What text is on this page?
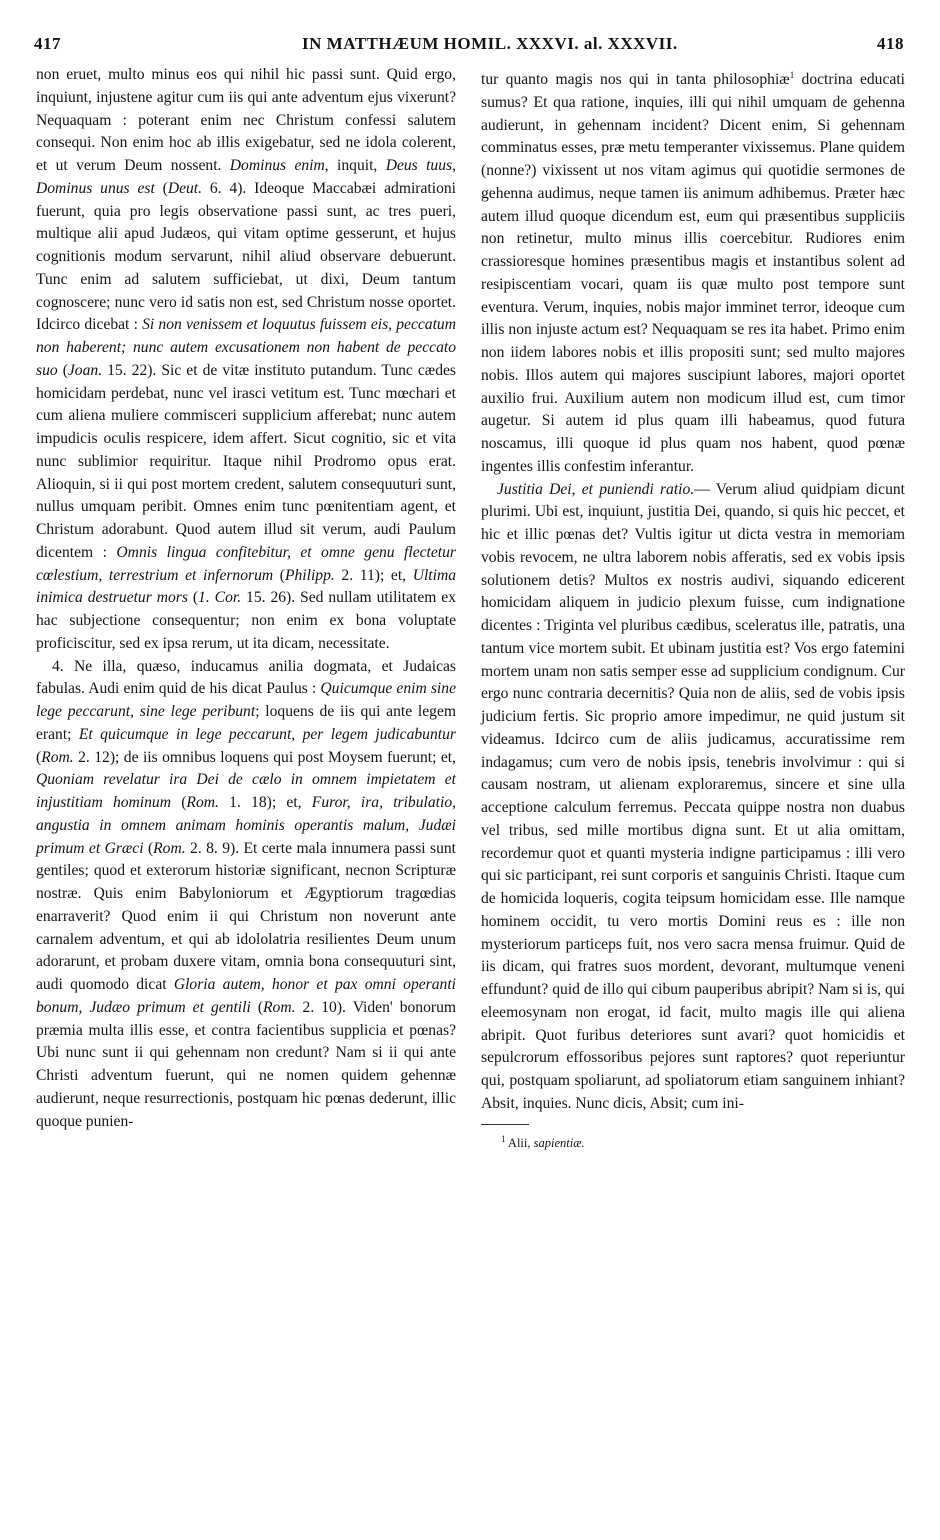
417	IN MATTHÆUM HOMIL. XXXVI. al. XXXVII.	418

non eruet, multo minus eos qui nihil hic passi sunt. Quid ergo, inquiunt, injustene agitur cum iis qui ante adventum ejus vixerunt? Nequaquam : poterant enim nec Christum confessi salutem consequi. Non enim hoc ab illis exigebatur, sed ne idola colerent, et ut verum Deum nossent. Dominus enim, inquit, Deus tuus, Dominus unus est (Deut. 6. 4). Ideoque Maccabæi admirationi fuerunt, quia pro legis observatione passi sunt, ac tres pueri, multique alii apud Judæos, qui vitam optime gesserunt, et hujus cognitionis modum servarunt, nihil aliud observare debuerunt. Tunc enim ad salutem sufficiebat, ut dixi, Deum tantum cognoscere; nunc vero id satis non est, sed Christum nosse oportet. Idcirco dicebat : Si non venissem et loquutus fuissem eis, peccatum non haberent; nunc autem excusationem non habent de peccato suo (Joan. 15. 22). Sic et de vitæ instituto putandum. Tunc cædes homicidam perdebat, nunc vel irasci vetitum est. Tunc mœchari et cum aliena muliere commisceri supplicium afferebat; nunc autem impudicis oculis respicere, idem affert. Sicut cognitio, sic et vita nunc sublimior requiritur. Itaque nihil Prodromo opus erat. Alioquin, si ii qui post mortem credent, salutem consequuturi sunt, nullus umquam peribit. Omnes enim tunc pœnitentiam agent, et Christum adorabunt. Quod autem illud sit verum, audi Paulum dicentem : Omnis lingua confitebitur, et omne genu flectetur cœlestium, terrestrium et infernorum (Philipp. 2. 11); et, Ultima inimica destruetur mors (1. Cor. 15. 26). Sed nullam utilitatem ex hac subjectione consequentur; non enim ex bona voluptate proficiscitur, sed ex ipsa rerum, ut ita dicam, necessitate.

4. Ne illa, quæso, inducamus anilia dogmata, et Judaicas fabulas. Audi enim quid de his dicat Paulus : Quicumque enim sine lege peccarunt, sine lege peribunt; loquens de iis qui ante legem erant; Et quicumque in lege peccarunt, per legem judicabuntur (Rom. 2. 12); de iis omnibus loquens qui post Moysem fuerunt; et, Quoniam revelatur ira Dei de cælo in omnem impietatem et injustitiam hominum (Rom. 1. 18); et, Furor, ira, tribulatio, angustia in omnem animam hominis operantis malum, Judæi primum et Græci (Rom. 2. 8. 9). Et certe mala innumera passi sunt gentiles; quod et exterorum historiæ significant, necnon Scripturæ nostræ. Quis enim Babyloniorum et Ægyptiorum tragœdias enarraverit? Quod enim ii qui Christum non noverunt ante carnalem adventum, et qui ab idololatria resilientes Deum unum adorarunt, et probam duxere vitam, omnia bona consequuturi sint, audi quomodo dicat Gloria autem, honor et pax omni operanti bonum, Judæo primum et gentili (Rom. 2. 10). Viden' bonorum præmia multa illis esse, et contra facientibus supplicia et pœnas? Ubi nunc sunt ii qui gehennam non credunt? Nam si ii qui ante Christi adventum fuerunt, qui ne nomen quidem gehennæ audierunt, neque resurrectionis, postquam hic pœnas dederunt, illic quoque punien-

tur quanto magis nos qui in tanta philosophiæ$^1$ doctrina educati sumus? Et qua ratione, inquies, illi qui nihil umquam de gehenna audierunt, in gehennam incident? Dicent enim, Si gehennam comminatus esses, præ metu temperanter vixissemus. Plane quidem (nonne?) vixissent ut nos vitam agimus qui quotidie sermones de gehenna audimus, neque tamen iis animum adhibemus. Præter hæc autem illud quoque dicendum est, eum qui præsentibus suppliciis non retinetur, multo minus illis coercebitur. Rudiores enim crassioresque homines præsentibus magis et instantibus solent ad resipiscentiam vocari, quam iis quæ multo post tempore sunt eventura. Verum, inquies, nobis major imminet terror, ideoque cum illis non injuste actum est? Nequaquam se res ita habet. Primo enim non iidem labores nobis et illis propositi sunt; sed multo majores nobis. Illos autem qui majores suscipiunt labores, majori oportet auxilio frui. Auxilium autem non modicum illud est, cum timor augetur. Si autem id plus quam illi habeamus, quod futura noscamus, illi quoque id plus quam nos habent, quod pœnæ ingentes illis confestim inferantur.

Justitia Dei, et puniendi ratio.— Verum aliud quidpiam dicunt plurimi. Ubi est, inquiunt, justitia Dei, quando, si quis hic peccet, et hic et illic pœnas det? Vultis igitur ut dicta vestra in memoriam vobis revocem, ne ultra laborem nobis afferatis, sed ex vobis ipsis solutionem detis? Multos ex nostris audivi, siquando edicerent homicidam aliquem in judicio plexum fuisse, cum indignatione dicentes : Triginta vel pluribus cædibus, sceleratus ille, patratis, una tantum vice mortem subit. Et ubinam justitia est? Vos ergo fatemini mortem unam non satis semper esse ad supplicium condignum. Cur ergo nunc contraria decernitis? Quia non de aliis, sed de vobis ipsis judicium fertis. Sic proprio amore impedimur, ne quid justum sit videamus. Idcirco cum de aliis judicamus, accuratissime rem indagamus; cum vero de nobis ipsis, tenebris involvimur : qui si causam nostram, ut alienam exploraremus, sincere et sine ulla acceptione calculum ferremus. Peccata quippe nostra non duabus vel tribus, sed mille mortibus digna sunt. Et ut alia omittam, recordemur quot et quanti mysteria indigne participamus : illi vero qui sic participant, rei sunt corporis et sanguinis Christi. Itaque cum de homicida loqueris, cogita teipsum homicidam esse. Ille namque hominem occidit, tu vero mortis Domini reus es : ille non mysteriorum particeps fuit, nos vero sacra mensa fruimur. Quid de iis dicam, qui fratres suos mordent, devorant, multumque veneni effundunt? quid de illo qui cibum pauperibus abripit? Nam si is, qui eleemosynam non erogat, id facit, multo magis ille qui aliena abripit. Quot furibus deteriores sunt avari? quot homicidis et sepulcrorum effossoribus pejores sunt raptores? quot reperiuntur qui, postquam spoliarunt, ad spoliatorum etiam sanguinem inhiant? Absit, inquies. Nunc dicis, Absit; cum ini-

$^1$ Alii, sapientiæ.
